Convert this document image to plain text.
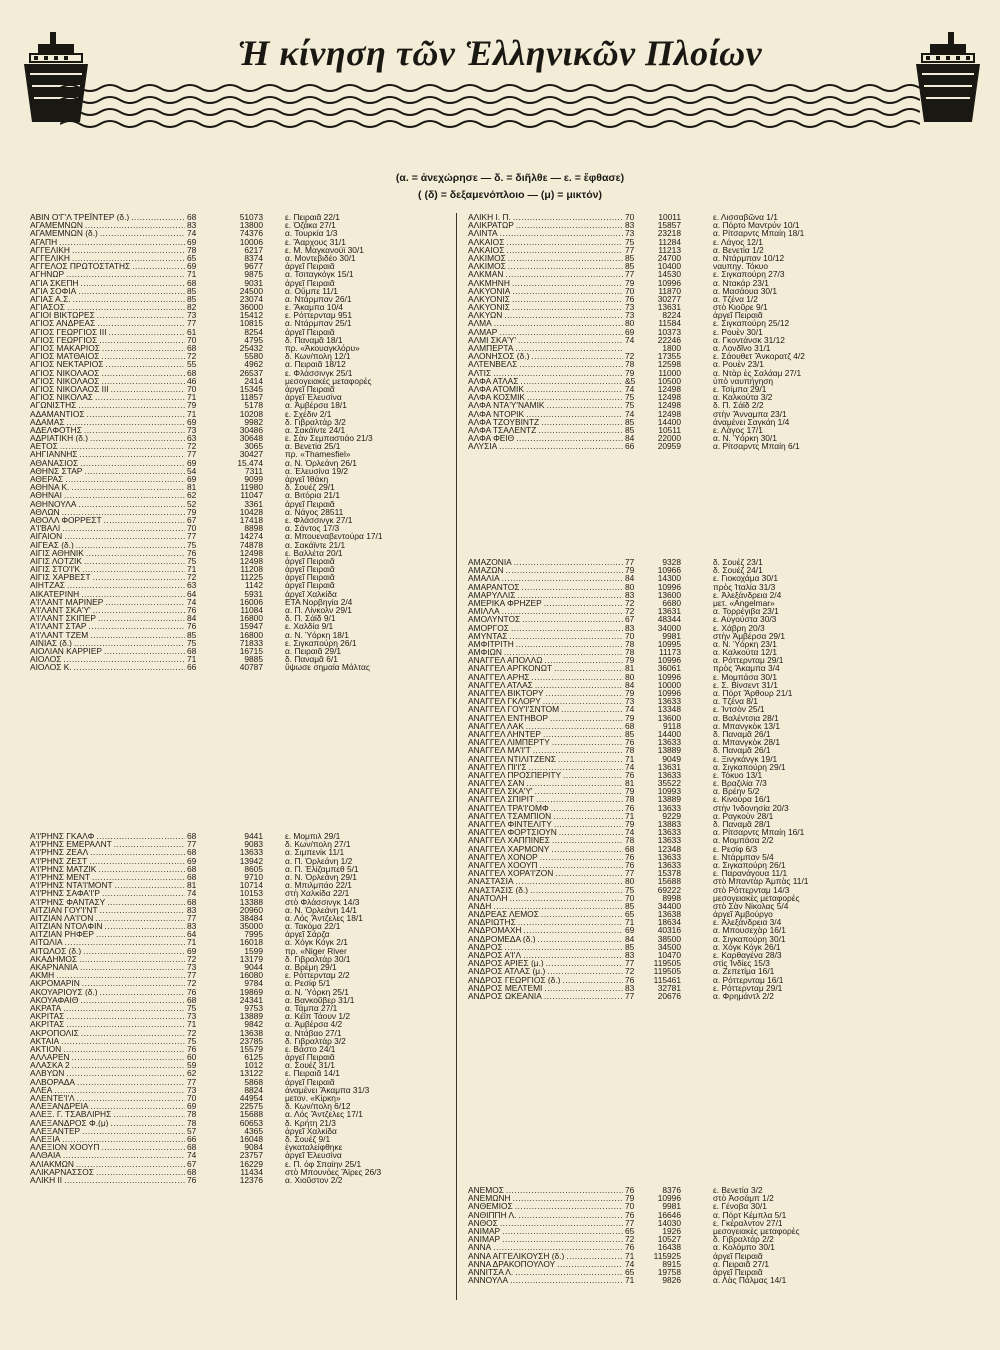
Ἡ κίνηση τῶν Ἑλληνικῶν Πλοίων
(α. = ἀνεχώρησε — δ. = διῆλθε — ε. = ἔφθασε)
( (δ) = δεξαμενόπλοιο — (μ) = μικτόν)
ΑΒΙΝ Ο'Γ'Λ ΤΡΕΪΝΤΕΡ (δ.) .....	68	51073	ε. Πειραιᾶ 22/1
ΑΓΑΜΕΜΝΩΝ .....	83	13800	ε. Ὀζάκα 27/1
ΑΓΑΜΕΜΝΩΝ (δ.) .....	74	74376	α. Τουρκία 1/3
ΑΓΑΠΗ .....	69	10006	ε. Ἄαρχους 31/1
ΑΓΓΕΛΙΚΗ .....	78	6217	ε. Μ. Μαγκανούϊ 30/1
ΑΓΓΕΛΙΚΗ .....	65	8374	α. Μοντεβιδέο 30/1
ΑΓΓΕΛΟΣ ΠΡΩΤΟΣΤΑΤΗΣ .....	69	9677	ἀργεῖ Πειραιᾶ
ΑΓΗΝΩΡ .....	71	9875	α. Τσιταγκόγκ 15/1
ΑΓΙΑ ΣΚΕΠΗ .....	68	9031	ἀργεῖ Πειραιᾶ
ΑΓΙΑ ΣΟΦΙΑ .....	85	24500	α. Οὔμπε 11/1
ΑΓΙΑΣ Α.Σ. .....	85	23074	α. Ντάρμπαν 26/1
ΑΓΙΑΣΟΣ .....	82	36000	ε. Ἄκαμπα 10/4
ΑΓΙΟΙ ΒΙΚΤΩΡΕΣ .....	73	15412	ε. Ρόττερνταμ 951
ΑΓΙΟΣ ΑΝΔΡΕΑΣ .....	77	10815	α. Ντάρμπαν 25/1
ΑΓΙΟΣ ΓΕΩΡΓΙΟΣ ΙΙΙ .....	61	8254	ἀργεῖ Πειραιᾶ
ΑΓΙΟΣ ΓΕΩΡΓΙΟΣ .....	70	4795	δ. Παναμᾶ 18/1
ΑΓΙΟΣ ΜΑΚΑΡΙΟΣ .....	68	25432	πρ. «Ἀκουαγκλόρυ»
ΑΓΙΟΣ ΜΑΤΘΑΙΟΣ .....	72	5580	δ. Κων/πολη 12/1
ΑΓΙΟΣ ΝΕΚΤΑΡΙΟΣ .....	55	4962	α. Πειραιᾶ 18/12
ΑΓΙΟΣ ΝΙΚΟΛΑΟΣ .....	68	26537	ε. Φλάσσινγκ 25/1
ΑΓΙΟΣ ΝΙΚΟΛΑΟΣ .....	46	2414	μεσογειακές μεταφορές
ΑΓΙΟΣ ΝΙΚΟΛΑΟΣ ΙΙΙ .....	70	15345	ἀργεῖ Πειραιᾶ
ΑΓΙΟΣ ΝΙΚΟΛΑΣ .....	71	11857	ἀργεῖ Ἐλευσίνα
ΑΓΩΝΙΣΤΗΣ .....	79	5178	α. Ἀμβέρσα 18/1
ΑΔΑΜΑΝΤΙΟΣ .....	71	10208	ε. Σχέδιν 2/1
ΑΔΑΜΑΣ .....	69	9982	δ. Γιβραλτάρ 3/2
ΑΔΕΛΦΟΤΗΣ .....	73	30486	α. Σακάϊντε 24/1
ΑΔΡΙΑΤΙΚΗ (δ.) .....	63	30648	ε. Σὰν Σεμπαστιάο 21/3
ΑΕΤΟΣ .....	72	3065	α. Βενετία 25/1
ΑΗΓΙΑΝΝΗΣ .....	77	30427	πρ. «Thamesfiel»
ΑΘΑΝΑΣΙΟΣ .....	69	15.474	α. Ν. Ὀρλεάνη 26/1
ΑΘΗΝΣ ΣΤΑΡ .....	54	7311	α. Ἐλευσίνα 19/2
ΑΘΕΡΑΣ .....	69	9099	ἀργεῖ Ἰθάκη
ΑΘΗΝΑ Κ. .....	81	11980	δ. Σουέζ 29/1
ΑΘΗΝΑΙ .....	62	11047	α. Βιτόρια 21/1
ΑΘΗΝΟΥΛΑ .....	52	3361	ἀργεῖ Πειραιᾶ
ΑΘΛΩΝ .....	79	10428	α. Νάγος 28511
ΑΘΟΛΛ ΦΟΡΡΕΣΤ .....	67	17418	ε. Φλάσσινγκ 27/1
Α'Ι'ΒΑΛΙ .....	70	8898	α. Σάντος 17/3
ΑΙΓΑΙΟΝ .....	77	14274	α. Μπουεναβεντούρα 17/1
ΑΙΓΕΑΣ (δ.) .....	75	74878	α. Σακάϊντε 21/1
ΑΙΓΙΣ ΑΘΗΝΙΚ .....	76	12498	ε. Βαλλέτα 20/1
ΑΙΓΙΣ ΛΟΤΖΙΚ .....	75	12498	ἀργεῖ Πειραιᾶ
ΑΙΓΙΣ ΣΤΟ'Ι'Κ .....	71	11208	ἀργεῖ Πειραιᾶ
ΑΙΓΙΣ ΧΑΡΒΕΣΤ .....	72	11225	ἀργεῖ Πειραιᾶ
ΑΙΗΤΖΑΣ .....	63	1142	ἀργεῖ Πειραιᾶ
ΑΙΚΑΤΕΡΙΝΗ .....	64	5931	ἀργεῖ Χαλκίδα
Α'Ι'ΛΑΝΤ ΜΑΡΙΝΕΡ .....	74	16006	ΕΤΑ Νορβηγία 2/4
Α'Ι'ΛΑΝΤ ΣΚΑ'Υ' .....	76	11084	α. Π. Λίνκολν 29/1
Α'Ι'ΛΑΝΤ ΣΚΙΠΕΡ .....	84	16800	δ. Π. Σάϊδ 9/1
Α'Ι'ΛΑΝΤ ΣΤΑΡ .....	76	15947	ε. Χαλδία 9/1
Α'Ι'ΛΑΝΤ ΤΖΕΜ .....	85	16800	α. Ν. Ὑόρκη 18/1
ΑΙΝΙΑΣ (δ.) .....	75	71833	ε. Σιγκαπούρη 26/1
ΑΙΟΛΙΑΝ ΚΑΡΡΙΕΡ .....	68	16715	α. Πειραιᾶ 29/1
ΑΙΟΛΟΣ .....	71	9885	δ. Παναμᾶ 6/1
ΑΙΟΛΟΣ Κ. .....	66	40787	ὕψωσε σημαία Μάλτας
Α'Ι'ΡΗΝΣ ΓΚΑΛΦ .....	68	9441	ε. Μομπιλ 29/1
Α'Ι'ΡΗΝΣ ΕΜΕΡΑΛΝΤ .....	77	9083	δ. Κων/πολη 27/1
Α'Ι'ΡΗΝΣ ΖΕΑΛ .....	68	13633	α. Σιμπενίκ 11/1
Α'Ι'ΡΗΝΣ ΖΕΣΤ .....	69	13942	α. Π. Ὀρλεάνη 1/2
Α'Ι'ΡΗΝΣ ΜΑΤΖΙΚ .....	68	8605	α. Π. Ἐλίζαμπεθ 5/1
Α'Ι'ΡΗΝΣ ΜΕΝΤ .....	68	9710	α. Ν. Ὀρλεάνη 29/1
Α'Ι'ΡΗΝΣ ΝΤΑ'Ι'ΜΟΝΤ .....	81	10714	α. Μπιλμπάο 22/1
Α'Ι'ΡΗΝΣ ΣΑΦΑ'Ι'Ρ .....	74	10153	στὴ Χαλκίδα 22/1
Α'Ι'ΡΗΝΣ ΦΑΝΤΑΣΥ .....	68	13388	στὸ Φλάσσινγκ 14/3
ΑΙΤΖΙΑΝ ΓΟΥ'Ι'ΝΤ .....	83	20960	α. Ν. Ὀρλεάνη 14/1
ΑΙΤΖΙΑΝ ΛΑ'Ι'ΟΝ .....	77	38484	α. Λός Ἄντζελες 18/1
ΑΙΤΖΙΑΝ ΝΤΟΛΦΙΝ .....	83	35000	α. Τακόμα 22/1
ΑΙΤΖΙΑΝ ΡΗΦΕΡ .....	64	7995	ἀργεῖ Σάρζα
ΑΙΤΩΛΙΑ .....	71	16018	α. Χόγκ Κόγκ 2/1
ΑΙΤΩΛΟΣ (δ.) .....	69	1599	πρ. «Niger River
ΑΚΑΔΗΜΟΣ .....	72	13179	δ. Γιβραλτάρ 30/1
ΑΚΑΡΝΑΝΙΑ .....	73	9044	α. Βρέμη 29/1
ΑΚΜΗ .....	77	16080	ε. Ρόττερνταμ 2/2
ΑΚΡΟΜΑΡΙΝ .....	72	9784	α. Ρεσίφ 5/1
ΑΚΟΥΑΡΙΟΥΣ (δ.) .....	76	19869	α. Ν. Ὑόρκη 25/1
ΑΚΟΥΑΦΑΙΘ .....	68	24341	α. Βανκοῦβερ 31/1
ΑΚΡΑΤΑ .....	75	9753	α. Τάμπα 27/1
ΑΚΡΙΤΑΣ .....	73	13889	α. Κέϊπ Τάουν 1/2
ΑΚΡΙΤΑΣ .....	71	9842	α. Ἀμβέρσα 4/2
ΑΚΡΟΠΟΛΙΣ .....	72	13638	α. Ντάβαο 27/1
ΑΚΤΑΙΑ .....	75	23785	δ. Γιβραλτάρ 3/2
ΑΚΤΙΟΝ .....	76	15579	ε. Βάστο 24/1
ΑΛΛΑΡΕΝ .....	60	6125	ἀργεῖ Πειραιᾶ
ΑΛΑΣΚΑ 2 .....	59	1012	α. Σουέζ 31/1
ΑΛΒΥΩΝ .....	62	13122	ε. Πειραιᾶ 14/1
ΑΛΒΟΡΑΔΑ .....	77	5868	ἀργεῖ Πειραιᾶ
ΑΛΕΑ .....	73	8824	ἀναμένει Ἄκαμπα 31/3
ΑΛΕΝΤΕ'Ι'Λ .....	70	44954	μετον. «Κίρκη»
ΑΛΕΞΑΝΔΡΕΙΑ .....	69	22575	δ. Κων/πολη 6/12
ΑΛΕΞ. Γ. ΤΣΑΒΛΙΡΗΣ .....	78	15688	α. Λός Ἄντζελες 17/1
ΑΛΕΞΑΝΔΡΟΣ Φ.(μ) .....	78	60653	δ. Κρήτη 21/3
ΑΛΕΞΑΝΤΕΡ .....	57	4365	ἀργεῖ Χαλκίδα
ΑΛΕΞΙΑ .....	66	16048	δ. Σουέζ 9/1
ΑΛΕΞΙΟΝ ΧΟΟΥΠ .....	68	9084	ἐγκαταλείφθηκε
ΑΛΘΑΙΑ .....	74	23757	ἀργεῖ Ἐλευσίνα
ΑΛΙΑΚΜΩΝ .....	67	16229	ε. Π. ὀφ Σπαίην 25/1
ΑΛΙΚΑΡΝΑΣΣΟΣ .....	68	11434	στὸ Μπουνόες Ἄϊρες 26/3
ΑΛΙΚΗ ΙΙ .....	76	12376	α. Χιοῦστον 2/2
ΑΛΙΚΗ Ι. Π. .....	70	10011	ε. Λισσαβῶνα 1/1
ΑΛΙΚΡΑΤΩΡ .....	83	15857	α. Πόρτο Μαντρύν 10/1
ΑΛΙΝΤΑ .....	73	23218	α. Ρίτσαρντς Μπαίη 18/1
ΑΛΚΑΙΟΣ .....	75	11284	ε. Λάγος 12/1
ΑΛΚΑΙΟΣ .....	77	11213	α. Βενετία 1/2
ΑΛΚΙΜΟΣ .....	85	24700	α. Ντάρμπαν 10/12
ΑΛΚΙΜΟΣ .....	85	10400	ναυπηγ. Τόκυο
ΑΛΚΜΑΝ .....	77	14530	ε. Σιγκαπούρη 27/3
ΑΛΚΜΗΝΗ .....	79	10996	α. Ντακάρ 23/1
ΑΛΚΥΟΝΙΑ .....	70	11870	α. Μασάουα 30/1
ΑΛΚΥΟΝΙΣ .....	76	30277	α. Τζένα 1/2
ΑΛΚΥΟΝΙΣ .....	73	13631	στὸ Κιοῦρε 9/1
ΑΛΚΥΩΝ .....	73	8224	ἀργεῖ Πειραιᾶ
ΑΛΜΑ .....	80	11584	ε. Σιγκαπούρη 25/12
ΑΛΜΑΡ .....	69	10373	ε. Ρουὲν 30/1
ΑΛΜΙ ΣΚΑ'Υ' .....	74	22246	α. Γκοντάνσκ 31/12
ΑΛΜΠΕΡΤΑ .....	1800	α. Λονδῖνο 31/1
ΑΛΟΝΗΣΟΣ (δ.) .....	72	17355	ε. Σάουθετ Ἄνκορατζ 4/2
ΑΛΤΕΝΒΕΛΣ .....	78	12598	α. Ρουὲν 23/1
ΑΛΤΙΣ .....	79	11000	α. Ντὰρ ἐς Σαλάαμ 27/1
ΑΛΦΑ ΑΤΛΑΣ .....	&5	10500	ὑπὸ ναυπήγηση
ΑΛΦΑ ΑΤΟΜΙΚ .....	74	12498	ε. Τσίμπα 29/1
ΑΛΦΑ ΚΟΣΜΙΚ .....	75	12498	α. Καλκούτα 3/2
ΑΛΦΑ ΝΤΑ'Υ'ΝΑΜΙΚ .....	75	12498	δ. Π. Σάϊδ 2/2
ΑΛΦΑ ΝΤΟΡΙΚ .....	74	12498	στὴν Ἄνναμπα 23/1
ΑΛΦΑ ΤΖΟΥΒΙΝΤΖ .....	85	14400	ἀναμένει Σαγκάη 1/4
ΑΛΦΑ ΤΣΑΛΕΝΤΖ .....	85	10511	ε. Λάγος 17/1
ΑΛΦΑ ΦΕΙΘ .....	84	22000	α. Ν. Ὑόρκη 30/1
ΑΛΥΣΙΑ .....	66	20959	α. Ρίτσαρντς Μπαίη 6/1
ΑΜΑΖΟΝΙΑ .....	77	9328	δ. Σουέζ 23/1
ΑΜΑΖΩΝ .....	79	10966	δ. Σουέζ 24/1
ΑΜΑΛΙΑ .....	84	14300	ε. Γιοκοχάμα 30/1
ΑΜΑΡΑΝΤΟΣ .....	80	10996	πρὸς Ἰταλία 31/3
ΑΜΑΡΥΛΛΙΣ .....	83	13600	ε. Ἀλεξάνδρεια 2/4
ΑΜΕΡΙΚΑ ΦΡΗΖΕΡ .....	72	6680	μετ. «Angelmar»
ΑΜΙΛΛΑ .....	72	13631	α. Τορρέγιβα 23/1
ΑΜΟΛΥΝΤΟΣ .....	67	48344	ε. Αὐγούστα 30/3
ΑΜΟΡΓΟΣ .....	83	34000	ε. Χάβρη 20/3
ΑΜΥΝΤΑΣ .....	70	9981	στὴν Ἀμβέρσα 29/1
ΑΜΦΙΤΡΙΤΗ .....	78	10995	α. Ν. Ὑόρκη 23/1
ΑΜΦΙΩΝ .....	78	11173	α. Καλκούτα 12/1
ΑΝΑΓΓΕΛ ΑΠΟΛΛΩ .....	79	10996	α. Ρόττερνταμ 29/1
ΑΝΑΓΓΕΛ ΑΡΓΚΟΝΩΤ .....	81	36061	πρὸς Ἄκαμπα 3/4
ΑΝΑΓΓΕΛ ΑΡΗΣ .....	80	10996	ε. Μομπάσα 30/1
ΑΝΑΓΓΕΛ ΑΤΛΑΣ .....	84	10000	ε. Σ. Βίνσεντ 31/1
ΑΝΑΓΓΕΛ ΒΙΚΤΟΡΥ .....	79	10996	α. Πόρτ Ἄρθουρ 21/1
ΑΝΑΓΓΕΛ ΓΚΛΟΡΥ .....	73	13633	α. Τζένα 8/1
ΑΝΑΓΓΕΛ ΓΟΥ'Ι'ΣΝΤΟΜ .....	74	13348	ε. Ἰντσὸν 25/1
ΑΝΑΓΓΕΛ ΕΝΤΗΒΟΡ .....	79	13600	α. Βαλέντσια 28/1
ΑΝΑΓΓΕΛ ΛΑΚ .....	68	9118	α. Μπανγκὸκ 13/1
ΑΝΑΓΓΕΛ ΛΗΝΤΕΡ .....	85	14400	δ. Παναμᾶ 26/1
ΑΝΑΓΓΕΛ ΛΙΜΠΕΡΤΥ .....	76	13633	α. Μπανγκὸκ 28/1
ΑΝΑΓΓΕΛ ΜΑ'Ι'Τ .....	78	13889	δ. Παναμᾶ 26/1
ΑΝΑΓΓΕΛ ΝΤΙΛΙΤΖΕΝΣ .....	71	9049	ε. Ξινγκάνγκ 19/1
ΑΝΑΓΓΕΛ ΠΙ'Ι'Σ .....	74	13631	α. Σιγκαπούρη 29/1
ΑΝΑΓΓΕΛ ΠΡΟΣΠΕΡΙΤΥ .....	76	13633	ε. Τόκυο 13/1
ΑΝΑΓΓΕΛ ΣΑΝ .....	81	35522	ε. Βραζιλία 7/3
ΑΝΑΓΓΕΛ ΣΚΑ'Υ' .....	79	10993	α. Βρέην 5/2
ΑΝΑΓΓΕΛ ΣΠΙΡΙΤ .....	78	13889	ε. Κινούρα 16/1
ΑΝΑΓΓΕΛ ΤΡΑ'Ι'ΟΜΦ .....	76	13633	στὴν Ἰνδονησία 20/3
ΑΝΑΓΓΕΛ ΤΣΑΜΠΙΟΝ .....	71	9229	α. Ραγκοὺν 28/1
ΑΝΑΓΓΕΛ ΦΙΝΤΕΛΙΤΥ .....	79	13883	δ. Παναμᾶ 28/1
ΑΝΑΓΓΕΛ ΦΟΡΤΣΙΟΥΝ .....	74	13633	α. Ρίτσαρντς Μπαίη 16/1
ΑΝΑΓΓΕΛ ΧΑΠΠΙΝΕΣ .....	78	13633	α. Μομπάσα 2/2
ΑΝΑΓΓΕΛ ΧΑΡΜΟΝΥ .....	68	12348	ε. Ρεσίφ 6/3
ΑΝΑΓΓΕΛ ΧΟΝΟΡ .....	76	13633	ε. Ντάρμπαν 5/4
ΑΝΑΓΓΕΛ ΧΟΟΥΠ .....	76	13633	α. Σιγκαπούρη 26/1
ΑΝΑΓΓΕΛ ΧΟΡΑ'Ι'ΖΟΝ .....	77	15378	ε. Παρανάγουα 11/1
ΑΝΑΣΤΑΣΙΑ .....	80	15688	στὸ Μπαντὰρ Ἀμπὰς 11/1
ΑΝΑΣΤΑΣΙΣ (δ.) .....	75	69222	στὸ Ρόττερνταμ 14/3
ΑΝΑΤΟΛΗ .....	70	8998	μεσογειακὲς μεταφορές
ΑΝΔΗ .....	85	34400	στὸ Σὰν Νίκολας 5/4
ΑΝΔΡΕΑΣ ΛΕΜΟΣ .....	65	13638	ἀργεῖ Ἀμβούργο
ΑΝΔΡΙΩΤΗΣ .....	71	18634	ε. Ἀλεξάνδρεια 3/4
ΑΝΔΡΟΜΑΧΗ .....	69	40316	α. Μπουσεχὰρ 16/1
ΑΝΔΡΟΜΕΔΑ (δ.) .....	84	38500	α. Σιγκαπούρη 30/1
ΑΝΔΡΟΣ .....	85	34500	α. Χόγκ Κόγκ 26/1
ΑΝΔΡΟΣ Α'Ι'Λ .....	83	10470	ε. Καρθαγένα 28/3
ΑΝΔΡΟΣ ΑΡΙΕΣ (μ.) .....	77	119505	στὶς Ἰνδίες 15/3
ΑΝΔΡΟΣ ΑΤΛΑΣ (μ.) .....	72	119505	α. Ζεπετίμα 16/1
ΑΝΔΡΟΣ ΓΕΩΡΓΙΟΣ (δ.) .....	76	115461	α. Ρόττερνταμ 16/1
ΑΝΔΡΟΣ ΜΕΛΤΕΜΙ .....	83	32781	ε. Ρόττερνταμ 29/1
ΑΝΔΡΟΣ ΩΚΕΑΝΙΑ .....	77	20676	α. Φρημάντλ 2/2
ΑΝΕΜΟΣ .....	76	8376	ε. Βενετία 3/2
ΑΝΕΜΩΝΗ .....	79	10996	στὸ Ἀσσάμπ 1/2
ΑΝΘΕΜΙΟΣ .....	70	9981	ε. Γένοβα 30/1
ΑΝΘΙΠΠΗ Λ. .....	76	16646	α. Πόρτ Κέμπλα 5/1
ΑΝΘΟΣ .....	77	14030	ε. Γκέραλντον 27/1
ΑΝΙΜΑΡ .....	65	1926	μεσογειακὲς μεταφορὲς
ΑΝΙΜΑΡ .....	72	10527	δ. Γιβραλτάρ 2/2
ΑΝΝΑ .....	76	16438	α. Κολόμπο 30/1
ΑΝΝΑ ΑΓΓΕΛΙΚΟΥΣΗ (δ.) .....	71	115925	ἀργεῖ Πειραιᾶ
ΑΝΝΑ ΔΡΑΚΟΠΟΥΛΟΥ .....	74	8915	α. Πειραιᾶ 27/1
ΑΝΝΙΤΣΑ Λ. .....	65	19758	ἀργεῖ Πειραιᾶ
ΑΝΝΟΥΛΑ .....	71	9826	α. Λὰς Πάλμας 14/1
